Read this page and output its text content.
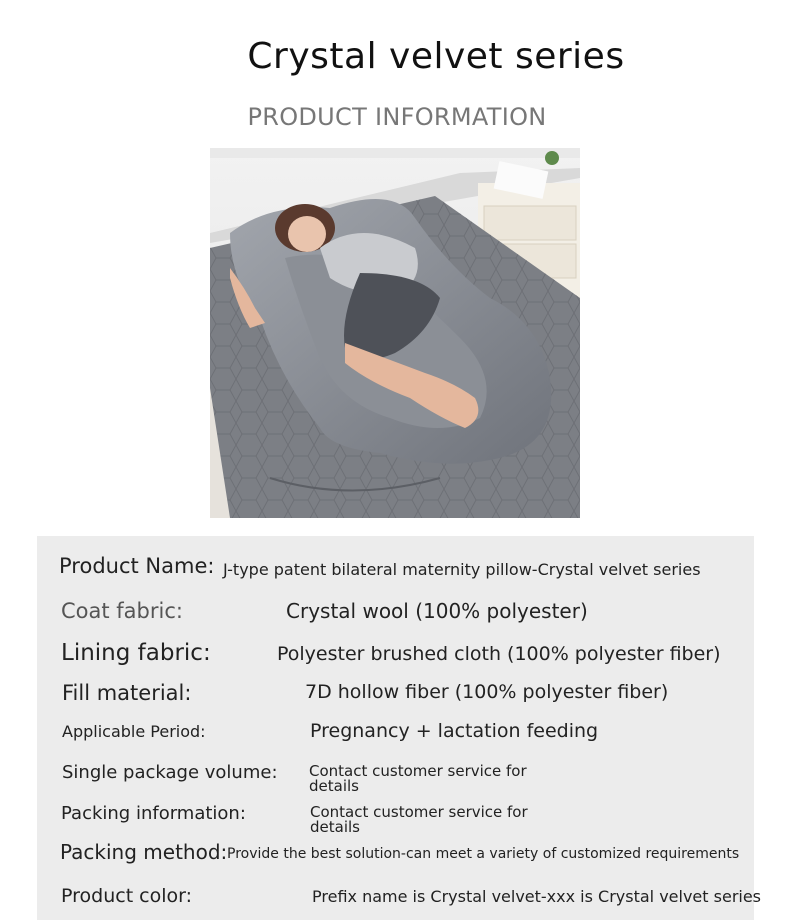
Crystal velvet series
PRODUCT INFORMATION
Product Name: J-type patent bilateral maternity pillow-Crystal velvet series
Coat fabric:	Crystal wool (100% polyester)
Lining fabric:	Polyester brushed cloth (100% polyester fiber)
Fill material:	7D hollow fiber (100% polyester fiber)
Applicable Period:	Pregnancy + lactation feeding
Single package volume: Contact customer service for details
Packing information:	Contact customer service for details
Packing method: Provide the best solution-can meet a variety of customized requirements
Product color:	Prefix name is Crystal velvet-xxx is Crystal velvet series
